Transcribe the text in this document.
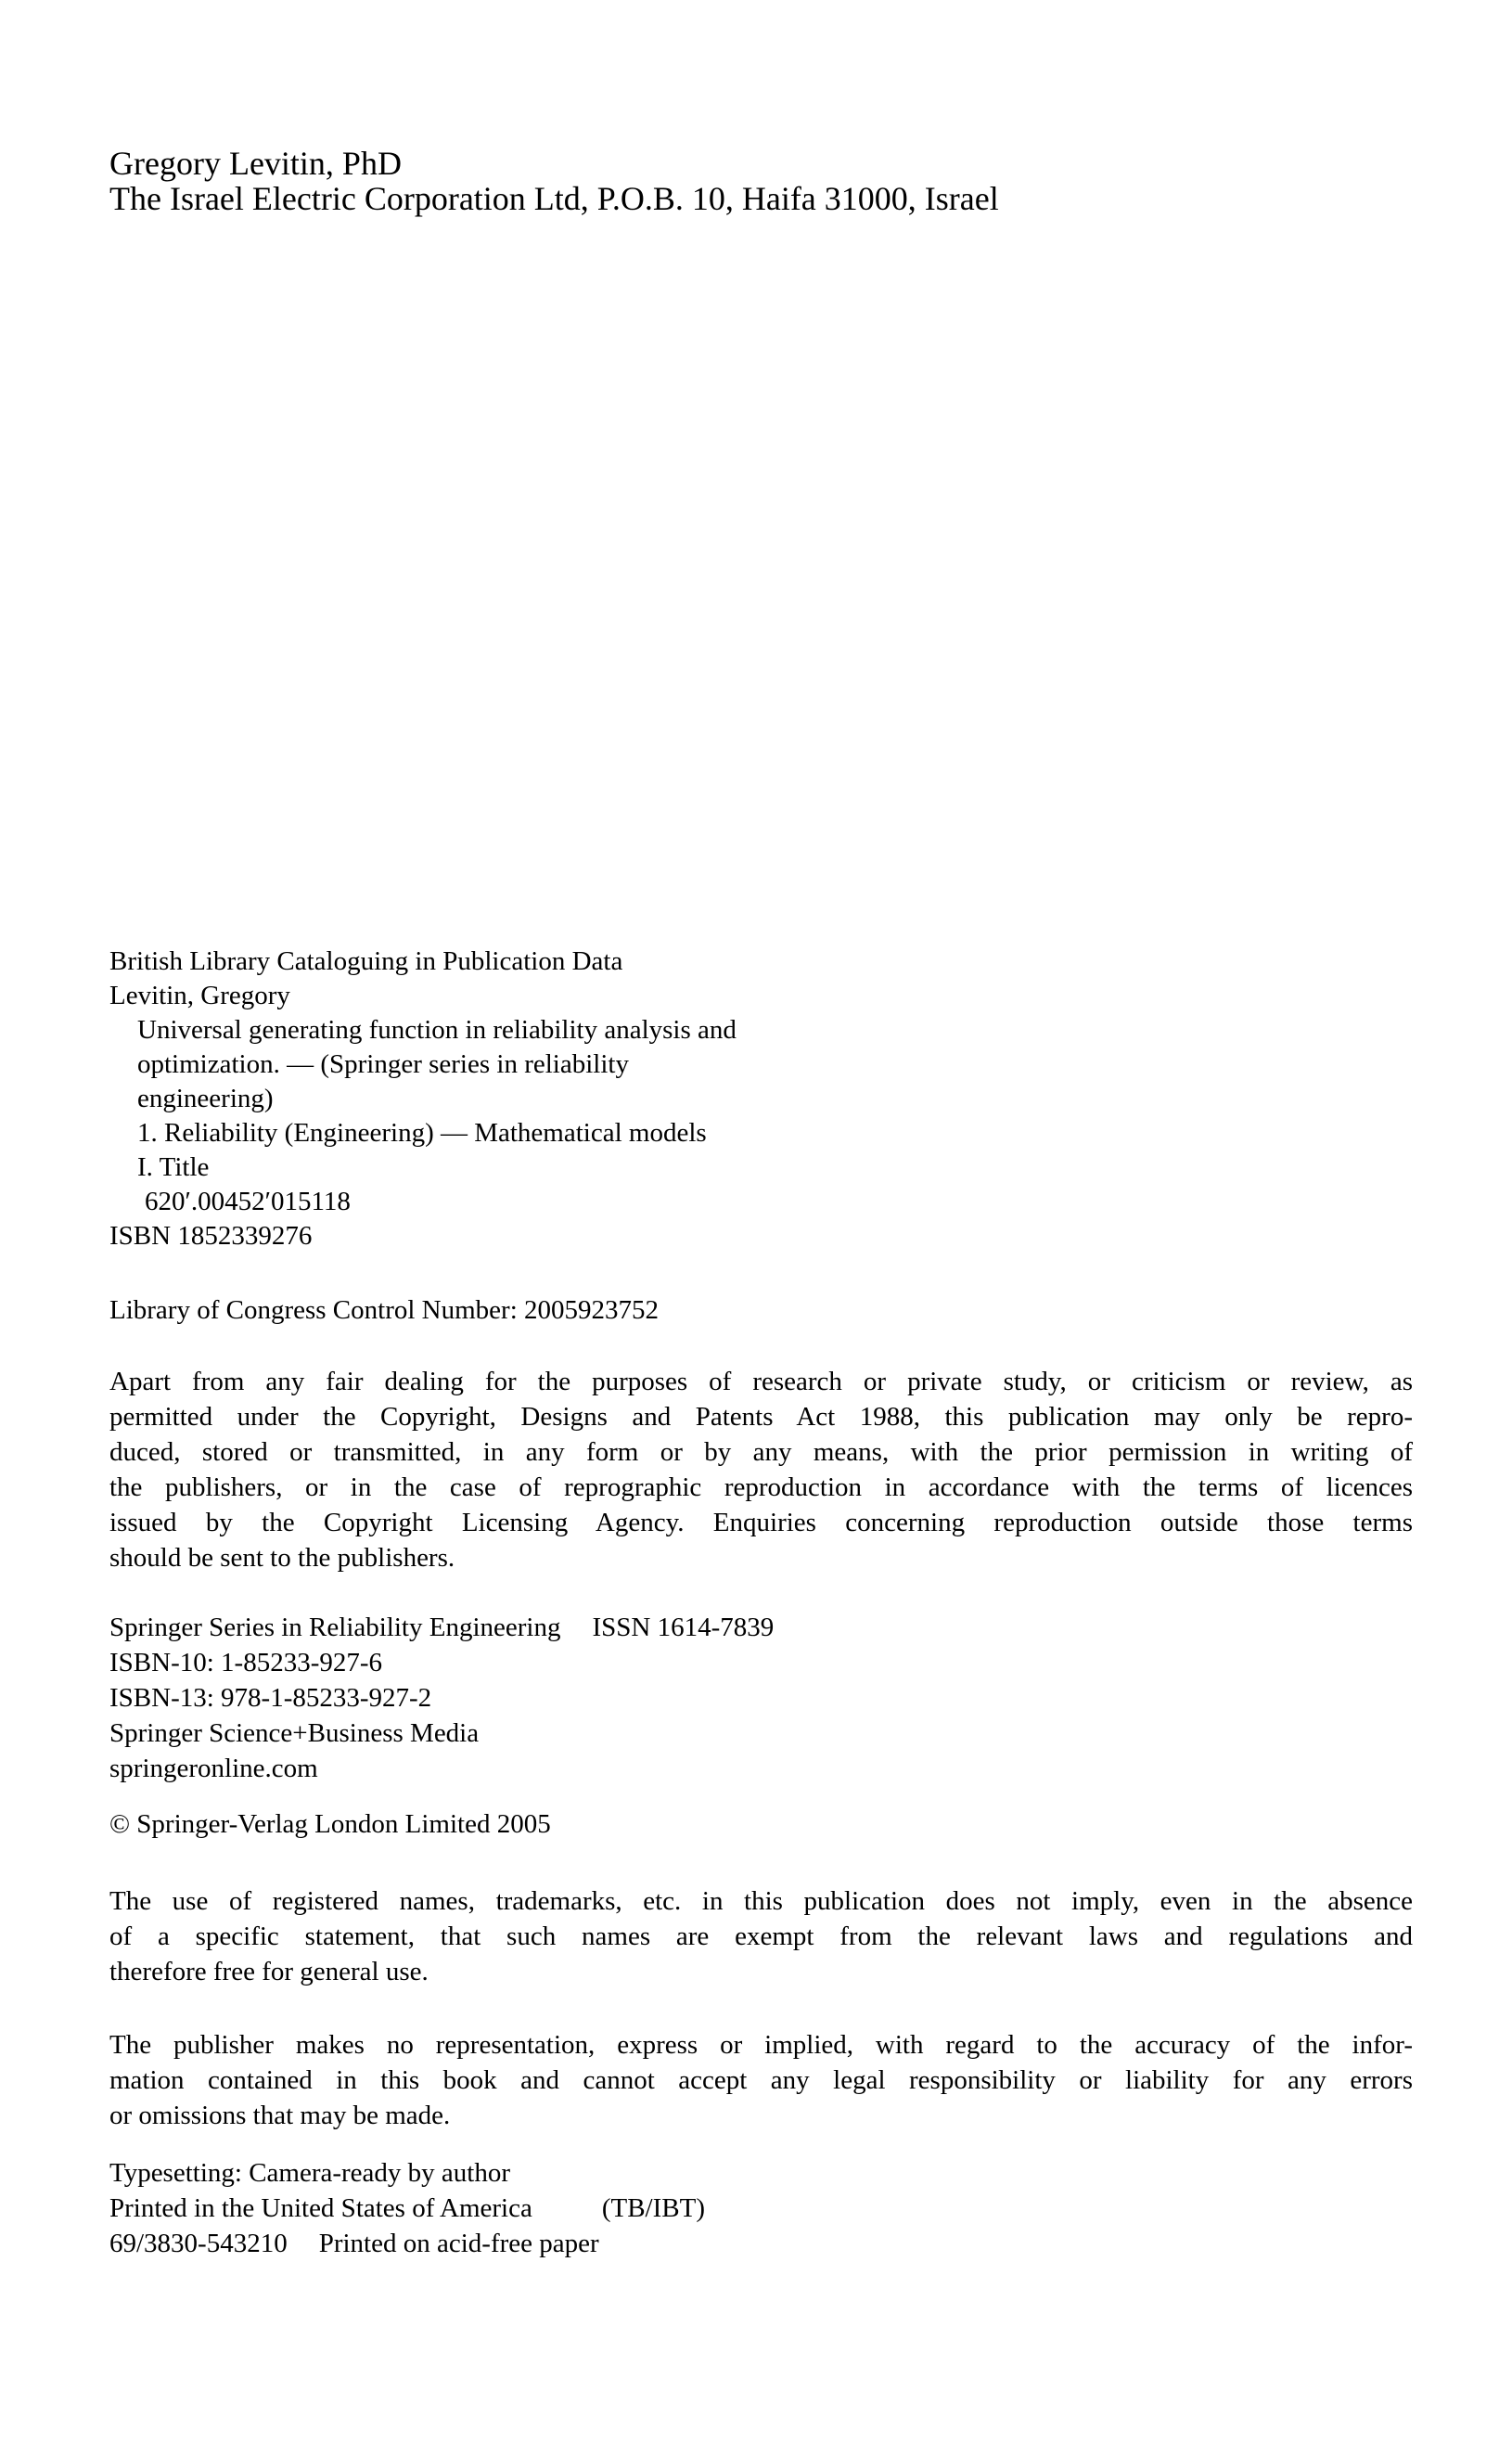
Gregory Levitin, PhD
The Israel Electric Corporation Ltd, P.O.B. 10, Haifa 31000, Israel
British Library Cataloguing in Publication Data
Levitin, Gregory
Universal generating function in reliability analysis and
optimization. — (Springer series in reliability
engineering)
1. Reliability (Engineering) — Mathematical models
I. Title
620′.00452′015118
ISBN 1852339276
Library of Congress Control Number: 2005923752
Apart from any fair dealing for the purposes of research or private study, or criticism or review, as
permitted under the Copyright, Designs and Patents Act 1988, this publication may only be repro-
duced, stored or transmitted, in any form or by any means, with the prior permission in writing of
the publishers, or in the case of reprographic reproduction in accordance with the terms of licences
issued by the Copyright Licensing Agency. Enquiries concerning reproduction outside those terms
should be sent to the publishers.
Springer Series in Reliability Engineering ISSN 1614-7839
ISBN-10: 1-85233-927-6
ISBN-13: 978-1-85233-927-2
Springer Science+Business Media
springeronline.com
© Springer-Verlag London Limited 2005
The use of registered names, trademarks, etc. in this publication does not imply, even in the absence
of a specific statement, that such names are exempt from the relevant laws and regulations and
therefore free for general use.
The publisher makes no representation, express or implied, with regard to the accuracy of the infor-
mation contained in this book and cannot accept any legal responsibility or liability for any errors
or omissions that may be made.
Typesetting: Camera-ready by author
Printed in the United States of America	(TB/IBT)
69/3830-543210 Printed on acid-free paper
